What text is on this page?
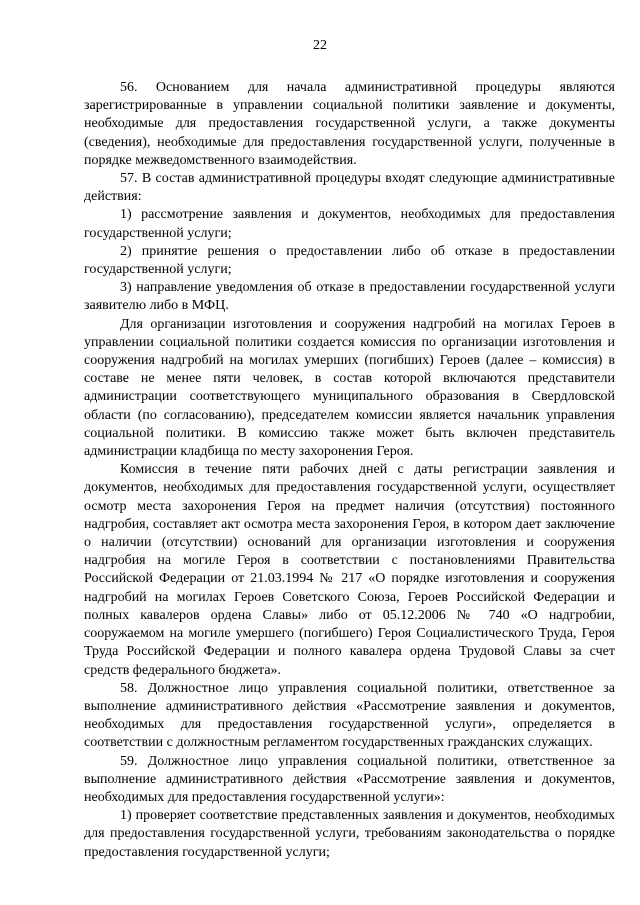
22

56. Основанием для начала административной процедуры являются зарегистрированные в управлении социальной политики заявление и документы, необходимые для предоставления государственной услуги, а также документы (сведения), необходимые для предоставления государственной услуги, полученные в порядке межведомственного взаимодействия.

57. В состав административной процедуры входят следующие административные действия:

1) рассмотрение заявления и документов, необходимых для предоставления государственной услуги;

2) принятие решения о предоставлении либо об отказе в предоставлении государственной услуги;

3) направление уведомления об отказе в предоставлении государственной услуги заявителю либо в МФЦ.

Для организации изготовления и сооружения надгробий на могилах Героев в управлении социальной политики создается комиссия по организации изготовления и сооружения надгробий на могилах умерших (погибших) Героев (далее – комиссия) в составе не менее пяти человек, в состав которой включаются представители администрации соответствующего муниципального образования в Свердловской области (по согласованию), председателем комиссии является начальник управления социальной политики. В комиссию также может быть включен представитель администрации кладбища по месту захоронения Героя.

Комиссия в течение пяти рабочих дней с даты регистрации заявления и документов, необходимых для предоставления государственной услуги, осуществляет осмотр места захоронения Героя на предмет наличия (отсутствия) постоянного надгробия, составляет акт осмотра места захоронения Героя, в котором дает заключение о наличии (отсутствии) оснований для организации изготовления и сооружения надгробия на могиле Героя в соответствии с постановлениями Правительства Российской Федерации от 21.03.1994 № 217 «О порядке изготовления и сооружения надгробий на могилах Героев Советского Союза, Героев Российской Федерации и полных кавалеров ордена Славы» либо от 05.12.2006 № 740 «О надгробии, сооружаемом на могиле умершего (погибшего) Героя Социалистического Труда, Героя Труда Российской Федерации и полного кавалера ордена Трудовой Славы за счет средств федерального бюджета».

58. Должностное лицо управления социальной политики, ответственное за выполнение административного действия «Рассмотрение заявления и документов, необходимых для предоставления государственной услуги», определяется в соответствии с должностным регламентом государственных гражданских служащих.

59. Должностное лицо управления социальной политики, ответственное за выполнение административного действия «Рассмотрение заявления и документов, необходимых для предоставления государственной услуги»:

1) проверяет соответствие представленных заявления и документов, необходимых для предоставления государственной услуги, требованиям законодательства о порядке предоставления государственной услуги;
